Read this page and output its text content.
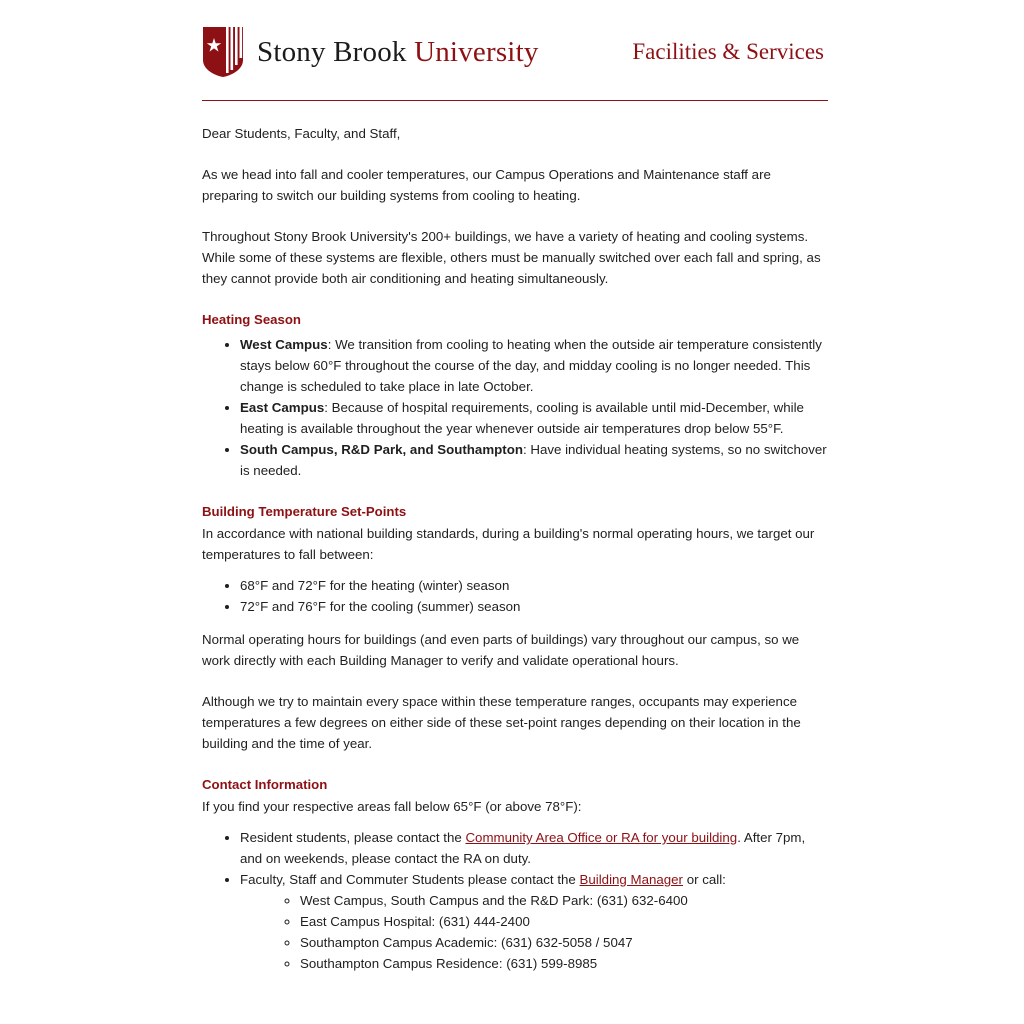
Stony Brook University	Facilities & Services

Dear Students, Faculty, and Staff,

As we head into fall and cooler temperatures, our Campus Operations and Maintenance staff are preparing to switch our building systems from cooling to heating.

Throughout Stony Brook University's 200+ buildings, we have a variety of heating and cooling systems. While some of these systems are flexible, others must be manually switched over each fall and spring, as they cannot provide both air conditioning and heating simultaneously.

Heating Season
• West Campus: We transition from cooling to heating when the outside air temperature consistently stays below 60°F throughout the course of the day, and midday cooling is no longer needed. This change is scheduled to take place in late October.
• East Campus: Because of hospital requirements, cooling is available until mid-December, while heating is available throughout the year whenever outside air temperatures drop below 55°F.
• South Campus, R&D Park, and Southampton: Have individual heating systems, so no switchover is needed.
Building Temperature Set-Points

In accordance with national building standards, during a building's normal operating hours, we target our temperatures to fall between:

• 68°F and 72°F for the heating (winter) season
• 72°F and 76°F for the cooling (summer) season

Normal operating hours for buildings (and even parts of buildings) vary throughout our campus, so we work directly with each Building Manager to verify and validate operational hours.

Although we try to maintain every space within these temperature ranges, occupants may experience temperatures a few degrees on either side of these set-point ranges depending on their location in the building and the time of year.

Contact Information

If you find your respective areas fall below 65°F (or above 78°F):

• Resident students, please contact the Community Area Office or RA for your building. After 7pm, and on weekends, please contact the RA on duty.
• Faculty, Staff and Commuter Students please contact the Building Manager or call:
◦ West Campus, South Campus and the R&D Park: (631) 632-6400
◦ East Campus Hospital: (631) 444-2400
◦ Southampton Campus Academic: (631) 632-5058 / 5047
◦ Southampton Campus Residence: (631) 599-8985
